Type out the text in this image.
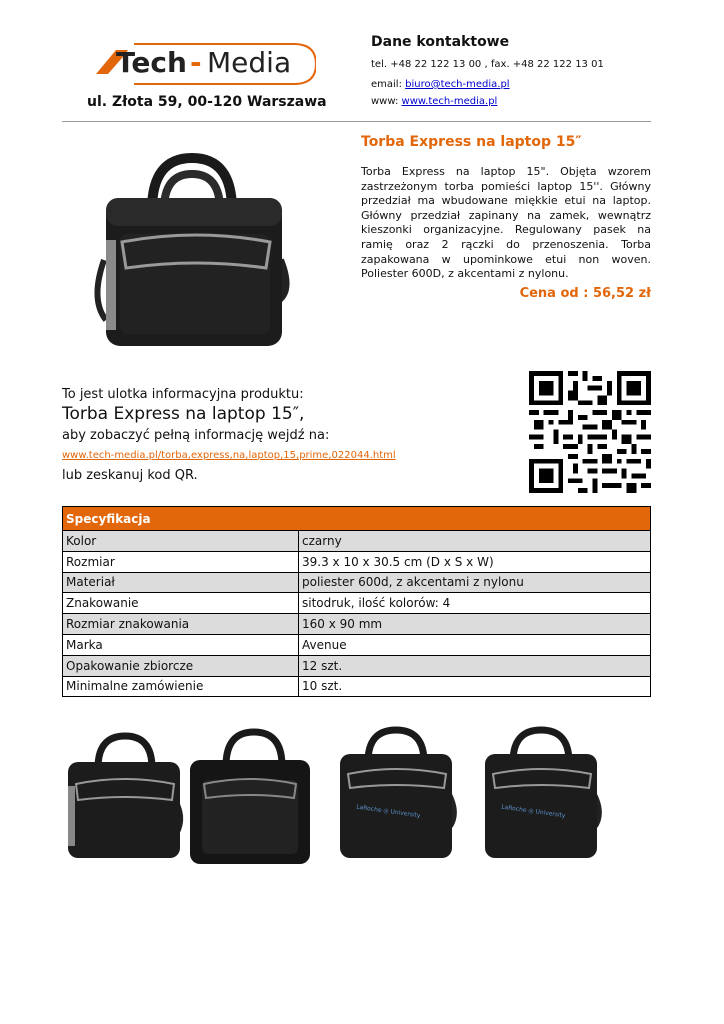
Tech - Media
ul. Złota 59, 00-120 Warszawa
Dane kontaktowe
tel. +48 22 122 13 00 , fax. +48 22 122 13 01
email: biuro@tech-media.pl
www: www.tech-media.pl
Torba Express na laptop 15″
Torba Express na laptop 15". Objęta wzorem zastrzeżonym torba pomieści laptop 15''. Główny przedział ma wbudowane miękkie etui na laptop. Główny przedział zapinany na zamek, wewnątrz kieszonki organizacyjne. Regulowany pasek na ramię oraz 2 rączki do przenoszenia. Torba zapakowana w upominkowe etui non woven. Poliester 600D, z akcentami z nylonu.
Cena od : 56,52 zł
To jest ulotka informacyjna produktu:
Torba Express na laptop 15″,
aby zobaczyć pełną informację wejdź na:
www.tech-media.pl/torba,express,na,laptop,15,prime,022044.html
lub zeskanuj kod QR.
Specyfikacja	
Kolor	czarny
Rozmiar	39.3 x 10 x 30.5 cm (D x S x W)
Materiał	poliester 600d, z akcentami z nylonu
Znakowanie	sitodruk, ilość kolorów: 4
Rozmiar znakowania	160 x 90 mm
Marka	Avenue
Opakowanie zbiorcze	12 szt.
Minimalne zamówienie	10 szt.
LaRoche ◎ University	LaRoche ◎ University
